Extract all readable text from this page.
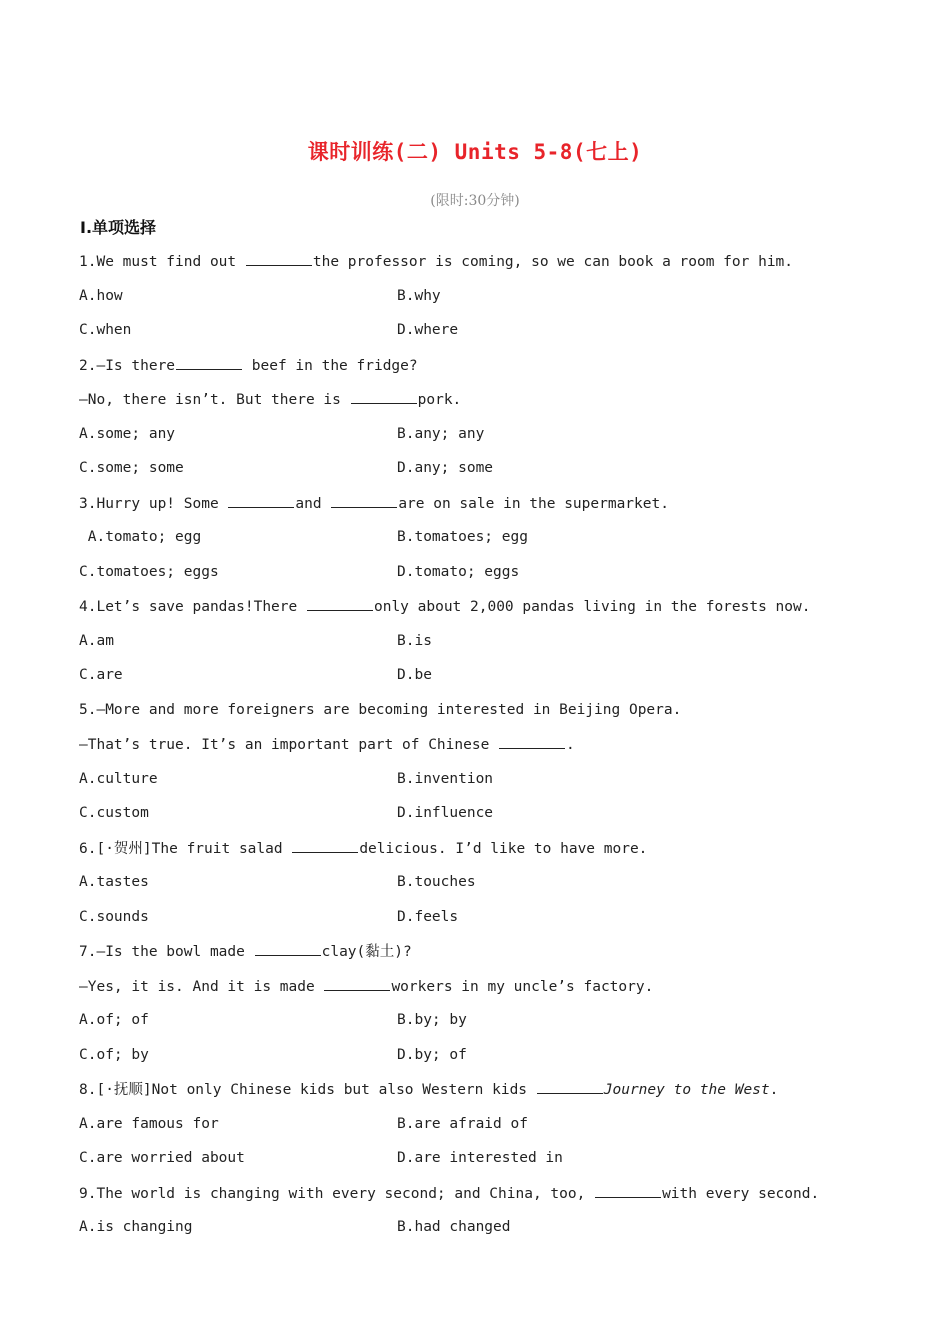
课时训练(二) Units 5-8(七上)
(限时:30分钟)
Ⅰ.单项选择
1.We must find out	the professor is coming, so we can book a room for him.
A.how	B.why
C.when	D.where
2.—Is there	beef in the fridge?
—No, there isn’t. But there is	pork.
A.some; any	B.any; any
C.some; some	D.any; some
3.Hurry up! Some	and	are on sale in the supermarket.
A.tomato; egg	B.tomatoes; egg
C.tomatoes; eggs	D.tomato; eggs
4.Let’s save pandas!There	only about 2,000 pandas living in the forests now.
A.am	B.is
C.are	D.be
5.—More and more foreigners are becoming interested in Beijing Opera.
—That’s true. It’s an important part of Chinese	.
A.culture	B.invention
C.custom	D.influence
6.[·贺州]The fruit salad	delicious. I’d like to have more.
A.tastes	B.touches
C.sounds	D.feels
7.—Is the bowl made	clay(黏土)?
—Yes, it is. And it is made	workers in my uncle’s factory.
A.of; of	B.by; by
C.of; by	D.by; of
8.[·抚顺]Not only Chinese kids but also Western kids	Journey to the West.
A.are famous for	B.are afraid of
C.are worried about	D.are interested in
9.The world is changing with every second; and China, too,	with every second.
A.is changing	B.had changed
